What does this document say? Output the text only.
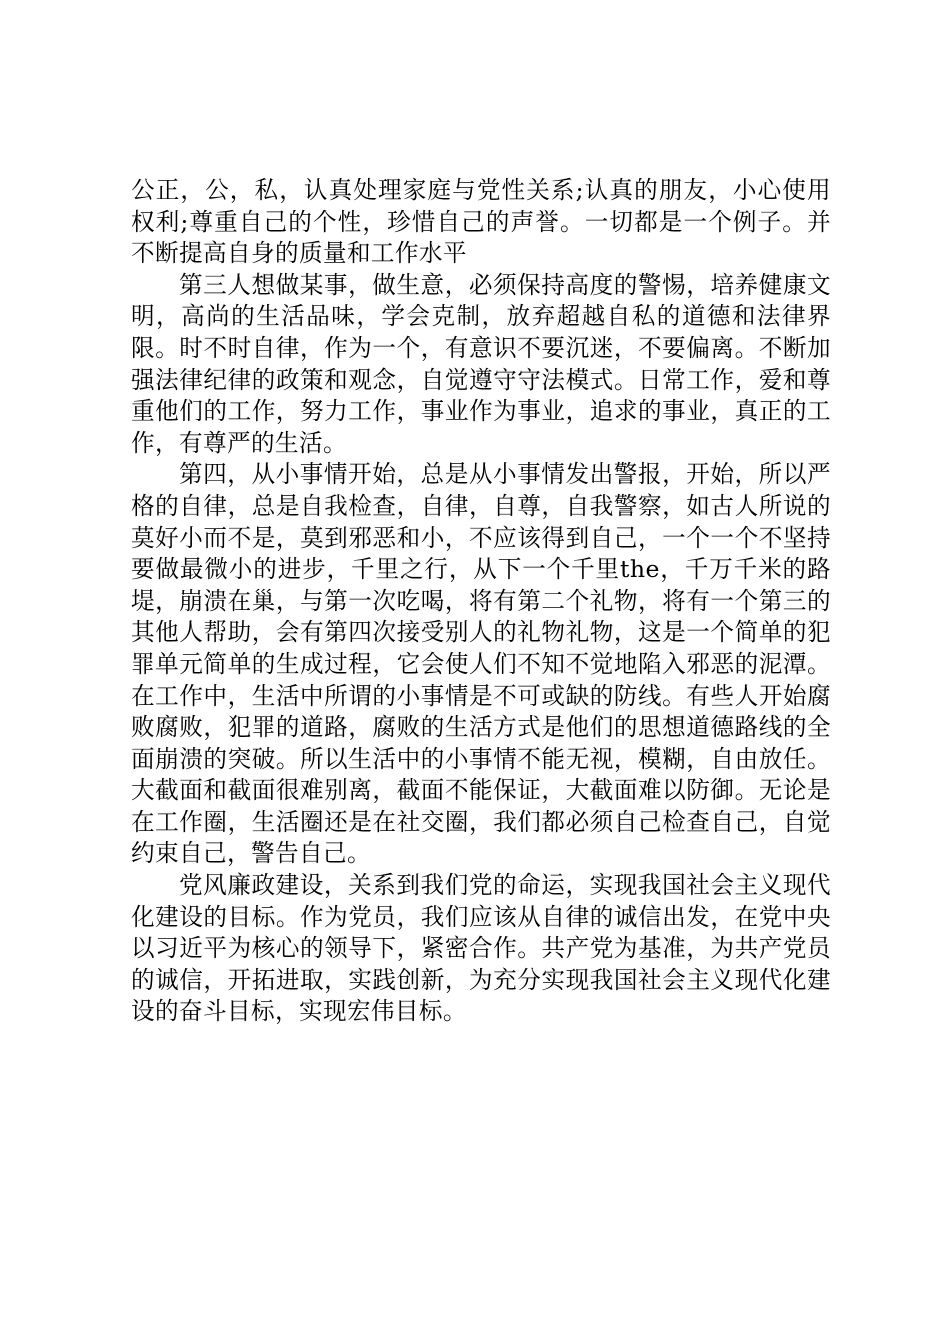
公正，公，私，认真处理家庭与党性关系;认真的朋友，小心使用权利;尊重自己的个性，珍惜自己的声誉。一切都是一个例子。并不断提高自身的质量和工作水平

第三人想做某事，做生意，必须保持高度的警惕，培养健康文明，高尚的生活品味，学会克制，放弃超越自私的道德和法律界限。时不时自律，作为一个，有意识不要沉迷，不要偏离。不断加强法律纪律的政策和观念，自觉遵守守法模式。日常工作，爱和尊重他们的工作，努力工作，事业作为事业，追求的事业，真正的工作，有尊严的生活。

第四，从小事情开始，总是从小事情发出警报，开始，所以严格的自律，总是自我检查，自律，自尊，自我警察，如古人所说的莫好小而不是，莫到邪恶和小，不应该得到自己，一个一个不坚持要做最微小的进步，千里之行，从下一个千里the，千万千米的路堤，崩溃在巢，与第一次吃喝，将有第二个礼物，将有一个第三的其他人帮助，会有第四次接受别人的礼物礼物，这是一个简单的犯罪单元简单的生成过程，它会使人们不知不觉地陷入邪恶的泥潭。在工作中，生活中所谓的小事情是不可或缺的防线。有些人开始腐败腐败，犯罪的道路，腐败的生活方式是他们的思想道德路线的全面崩溃的突破。所以生活中的小事情不能无视，模糊，自由放任。大截面和截面很难别离，截面不能保证，大截面难以防御。无论是在工作圈，生活圈还是在社交圈，我们都必须自己检查自己，自觉约束自己，警告自己。

党风廉政建设，关系到我们党的命运，实现我国社会主义现代化建设的目标。作为党员，我们应该从自律的诚信出发，在党中央以习近平为核心的领导下，紧密合作。共产党为基准，为共产党员的诚信，开拓进取，实践创新，为充分实现我国社会主义现代化建设的奋斗目标，实现宏伟目标。
